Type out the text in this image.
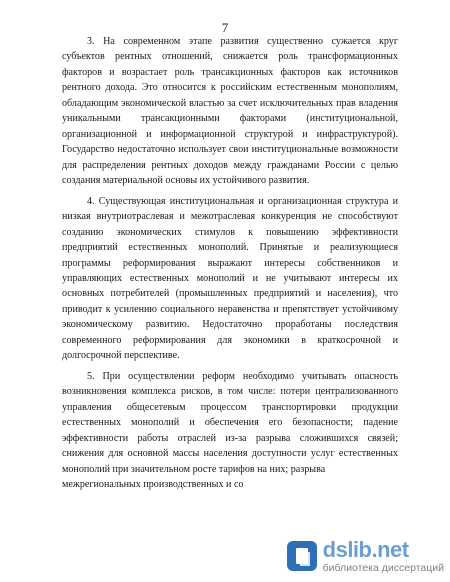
7

3. На современном этапе развития существенно сужается круг субъектов рентных отношений, снижается роль трансформационных факторов и возрастает роль трансакционных факторов как источников рентного дохода. Это относится к российским естественным монополиям, обладающим экономической властью за счет исключительных прав владения уникальными трансакционными факторами (институциональной, организационной и информационной структурой и инфраструктурой). Государство недостаточно использует свои институциональные возможности для распределения рентных доходов между гражданами России с целью создания материальной основы их устойчивого развития.

4. Существующая институциональная и организационная структура и низкая внутриотраслевая и межотраслевая конкуренция не способствуют созданию экономических стимулов к повышению эффективности предприятий естественных монополий. Принятые и реализующиеся программы реформирования выражают интересы собственников и управляющих естественных монополий и не учитывают интересы их основных потребителей (промышленных предприятий и населения), что приводит к усилению социального неравенства и препятствует устойчивому экономическому развитию. Недостаточно проработаны последствия современного реформирования для экономики в краткосрочной и долгосрочной перспективе.

5. При осуществлении реформ необходимо учитывать опасность возникновения комплекса рисков, в том числе: потери централизованного управления общесетевым процессом транспортировки продукции естественных монополий и обеспечения его безопасности; падение эффективности работы отраслей из-за разрыва сложившихся связей; снижения для основной массы населения доступности услуг естественных монополий при значительном росте тарифов на них; разрыва

межрегиональных производственных и со

dslib.net
библиотека диссертаций
